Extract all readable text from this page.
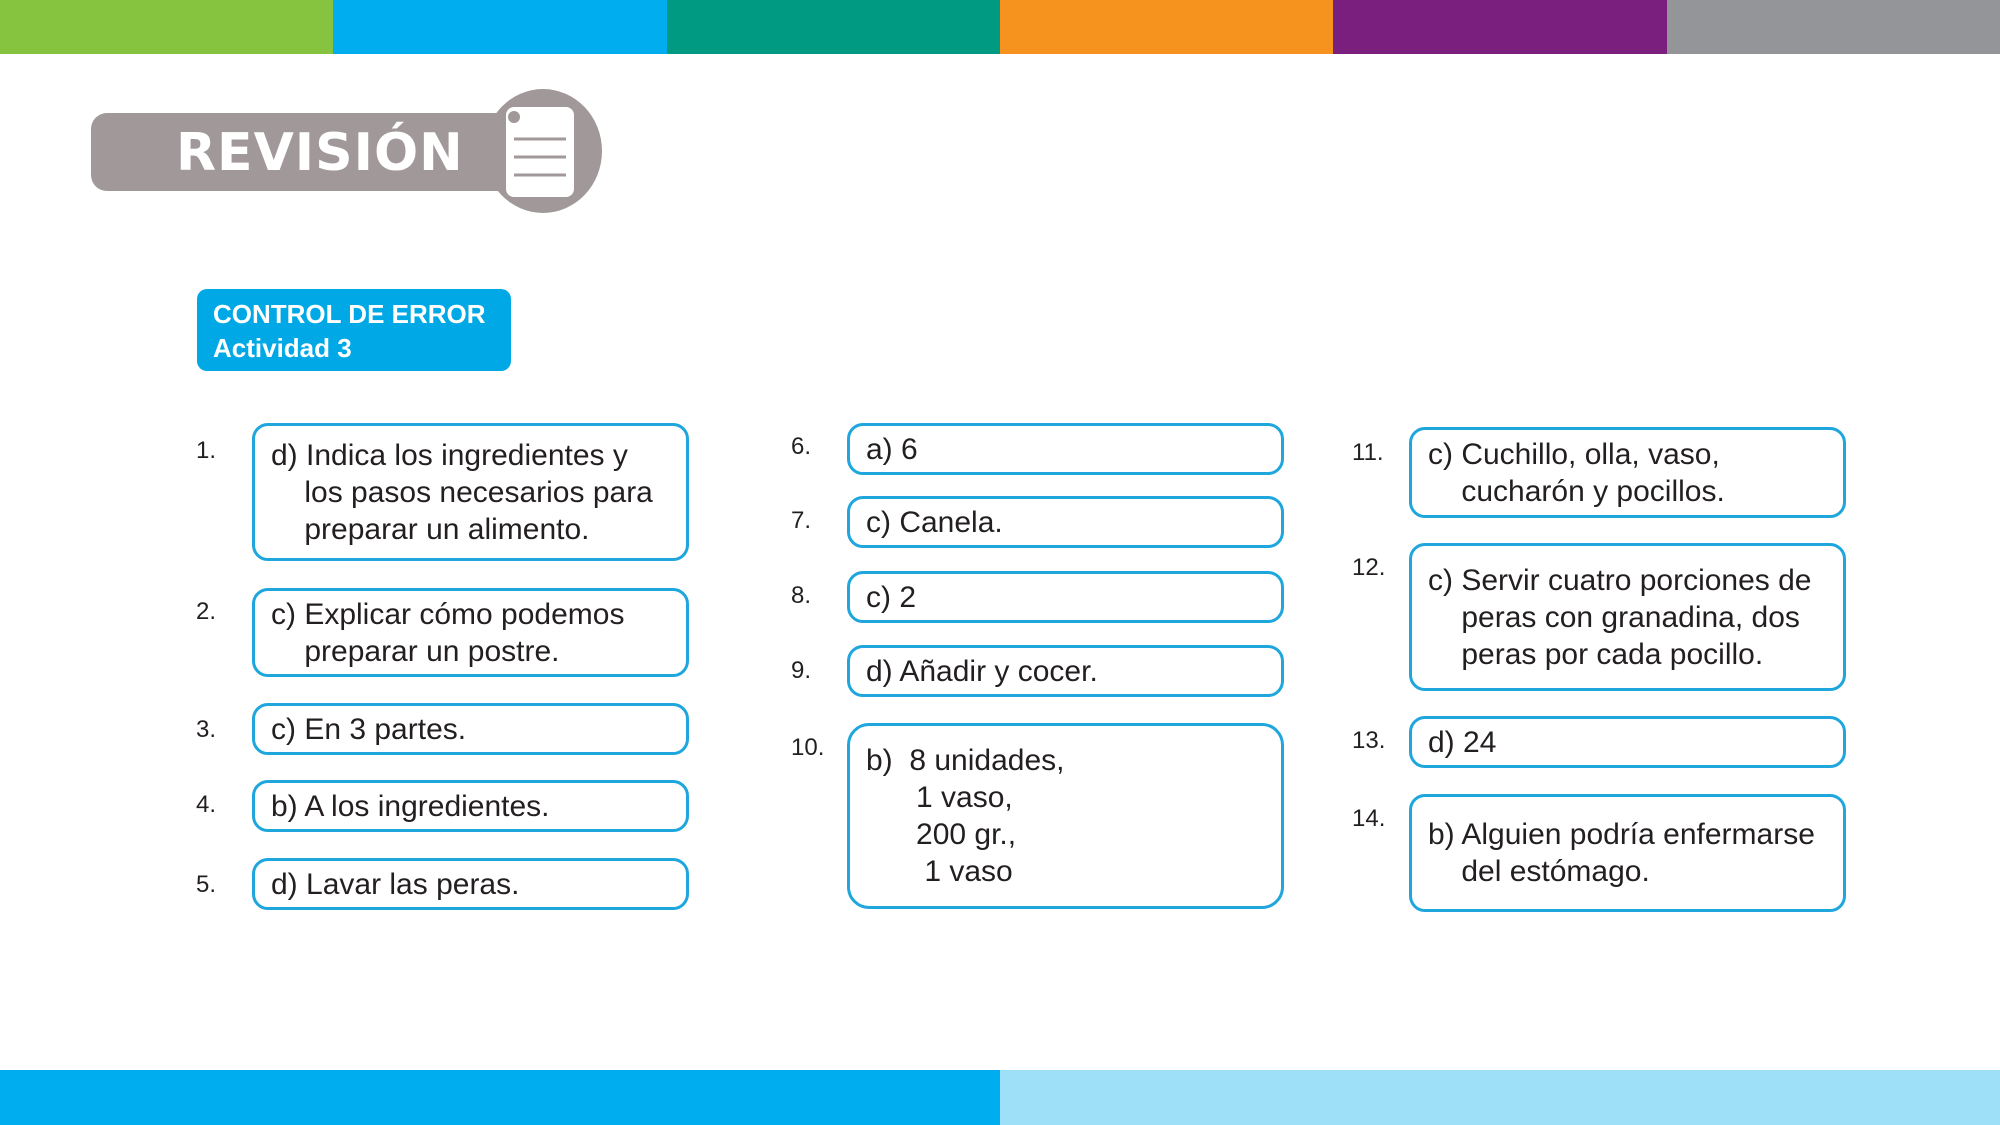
REVISIÓN
CONTROL DE ERROR
Actividad 3
1.	d) Indica los ingredientes y
los pasos necesarios para
preparar un alimento.
2.	c) Explicar cómo podemos
preparar un postre.
3.	c) En 3 partes.
4.	b) A los ingredientes.
5.	d) Lavar las peras.
6.	a) 6
7.	c) Canela.
8.	c) 2
9.	d) Añadir y cocer.
10.	b)  8 unidades,
1 vaso,
200 gr.,
1 vaso
11.	c) Cuchillo, olla, vaso,
cucharón y pocillos.
12.	c) Servir cuatro porciones de
peras con granadina, dos
peras por cada pocillo.
13.	d) 24
14.	b) Alguien podría enfermarse
del estómago.
